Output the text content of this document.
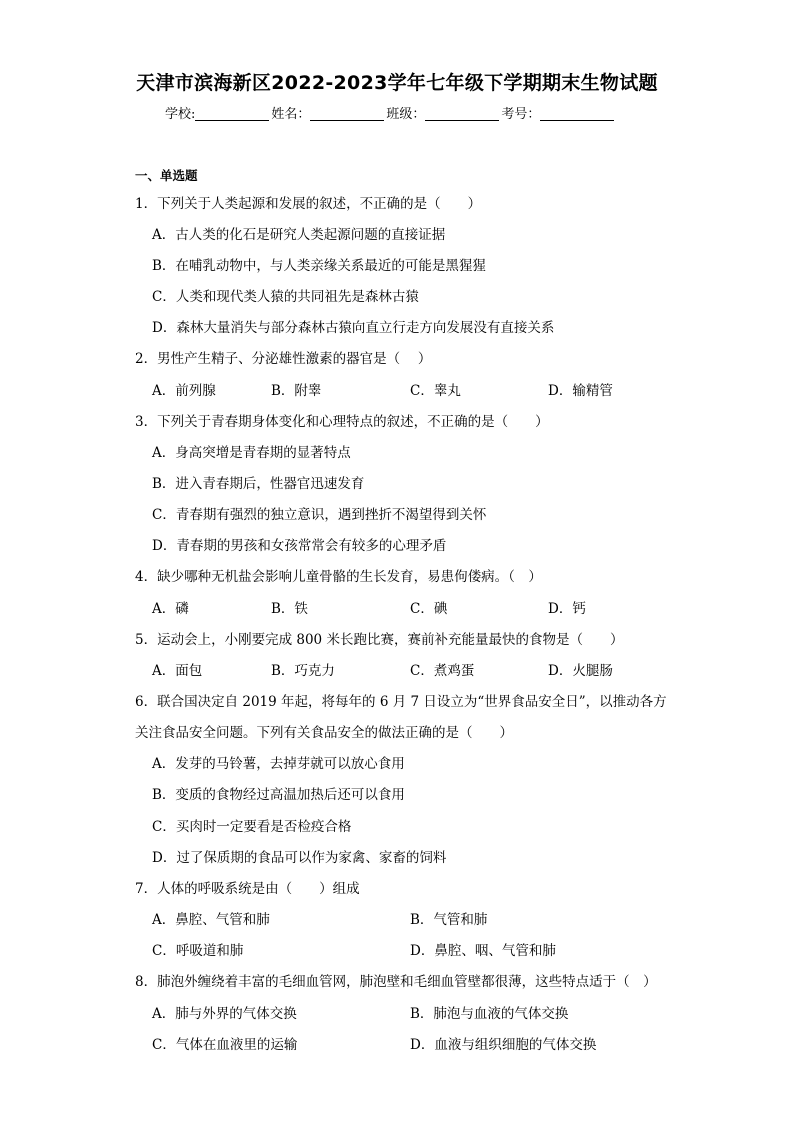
天津市滨海新区2022-2023学年七年级下学期期末生物试题
学校:	姓名：	班级：	考号：
一、单选题
1．下列关于人类起源和发展的叙述，不正确的是（　　）
A．古人类的化石是研究人类起源问题的直接证据
B．在哺乳动物中，与人类亲缘关系最近的可能是黑猩猩
C．人类和现代类人猿的共同祖先是森林古猿
D．森林大量消失与部分森林古猿向直立行走方向发展没有直接关系
2．男性产生精子、分泌雄性激素的器官是（　 ）
A．前列腺	B．附睾	C．睾丸	D．输精管
3．下列关于青春期身体变化和心理特点的叙述，不正确的是（　　）
A．身高突增是青春期的显著特点
B．进入青春期后，性器官迅速发育
C．青春期有强烈的独立意识，遇到挫折不渴望得到关怀
D．青春期的男孩和女孩常常会有较多的心理矛盾
4．缺少哪种无机盐会影响儿童骨骼的生长发育，易患佝偻病。（　）
A．磷	B．铁	C．碘	D．钙
5．运动会上，小刚要完成 800 米长跑比赛，赛前补充能量最快的食物是（　　）
A．面包	B．巧克力	C．煮鸡蛋	D．火腿肠
6．联合国决定自 2019 年起，将每年的 6 月 7 日设立为“世界食品安全日”，以推动各方
关注食品安全问题。下列有关食品安全的做法正确的是（　　）
A．发芽的马铃薯，去掉芽就可以放心食用
B．变质的食物经过高温加热后还可以食用
C．买肉时一定要看是否检疫合格
D．过了保质期的食品可以作为家禽、家畜的饲料
7．人体的呼吸系统是由（　　）组成
A．鼻腔、气管和肺	B．气管和肺
C．呼吸道和肺	D．鼻腔、咽、气管和肺
8．肺泡外缠绕着丰富的毛细血管网，肺泡壁和毛细血管壁都很薄，这些特点适于（　）
A．肺与外界的气体交换	B．肺泡与血液的气体交换
C．气体在血液里的运输	D．血液与组织细胞的气体交换
